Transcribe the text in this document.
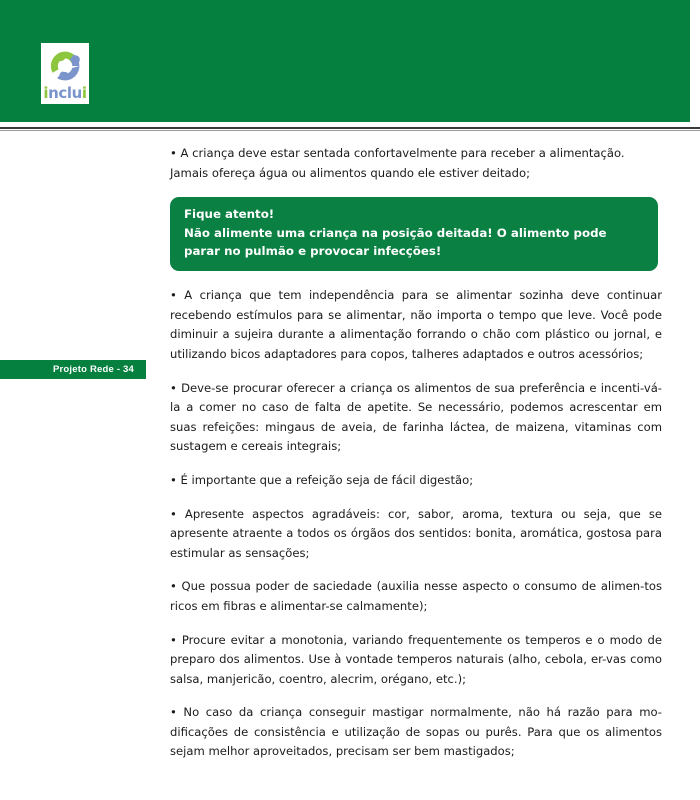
inclui
Projeto Rede - 34

• A criança deve estar sentada confortavelmente para receber a alimentação. Jamais ofereça água ou alimentos quando ele estiver deitado;

Fique atento!
Não alimente uma criança na posição deitada! O alimento pode parar no pulmão e provocar infecções!

• A criança que tem independência para se alimentar sozinha deve continuar recebendo estímulos para se alimentar, não importa o tempo que leve. Você pode diminuir a sujeira durante a alimentação forrando o chão com plástico ou jornal, e utilizando bicos adaptadores para copos, talheres adaptados e outros acessórios;

• Deve-se procurar oferecer a criança os alimentos de sua preferência e incenti-vá-la a comer no caso de falta de apetite. Se necessário, podemos acrescentar em suas refeições: mingaus de aveia, de farinha láctea, de maizena, vitaminas com sustagem e cereais integrais;

• É importante que a refeição seja de fácil digestão;

• Apresente aspectos agradáveis: cor, sabor, aroma, textura ou seja, que se apresente atraente a todos os órgãos dos sentidos: bonita, aromática, gostosa para estimular as sensações;

• Que possua poder de saciedade (auxilia nesse aspecto o consumo de alimen-tos ricos em fibras e alimentar-se calmamente);

• Procure evitar a monotonia, variando frequentemente os temperos e o modo de preparo dos alimentos. Use à vontade temperos naturais (alho, cebola, er-vas como salsa, manjericão, coentro, alecrim, orégano, etc.);

• No caso da criança conseguir mastigar normalmente, não há razão para mo-dificações de consistência e utilização de sopas ou purês. Para que os alimentos sejam melhor aproveitados, precisam ser bem mastigados;
